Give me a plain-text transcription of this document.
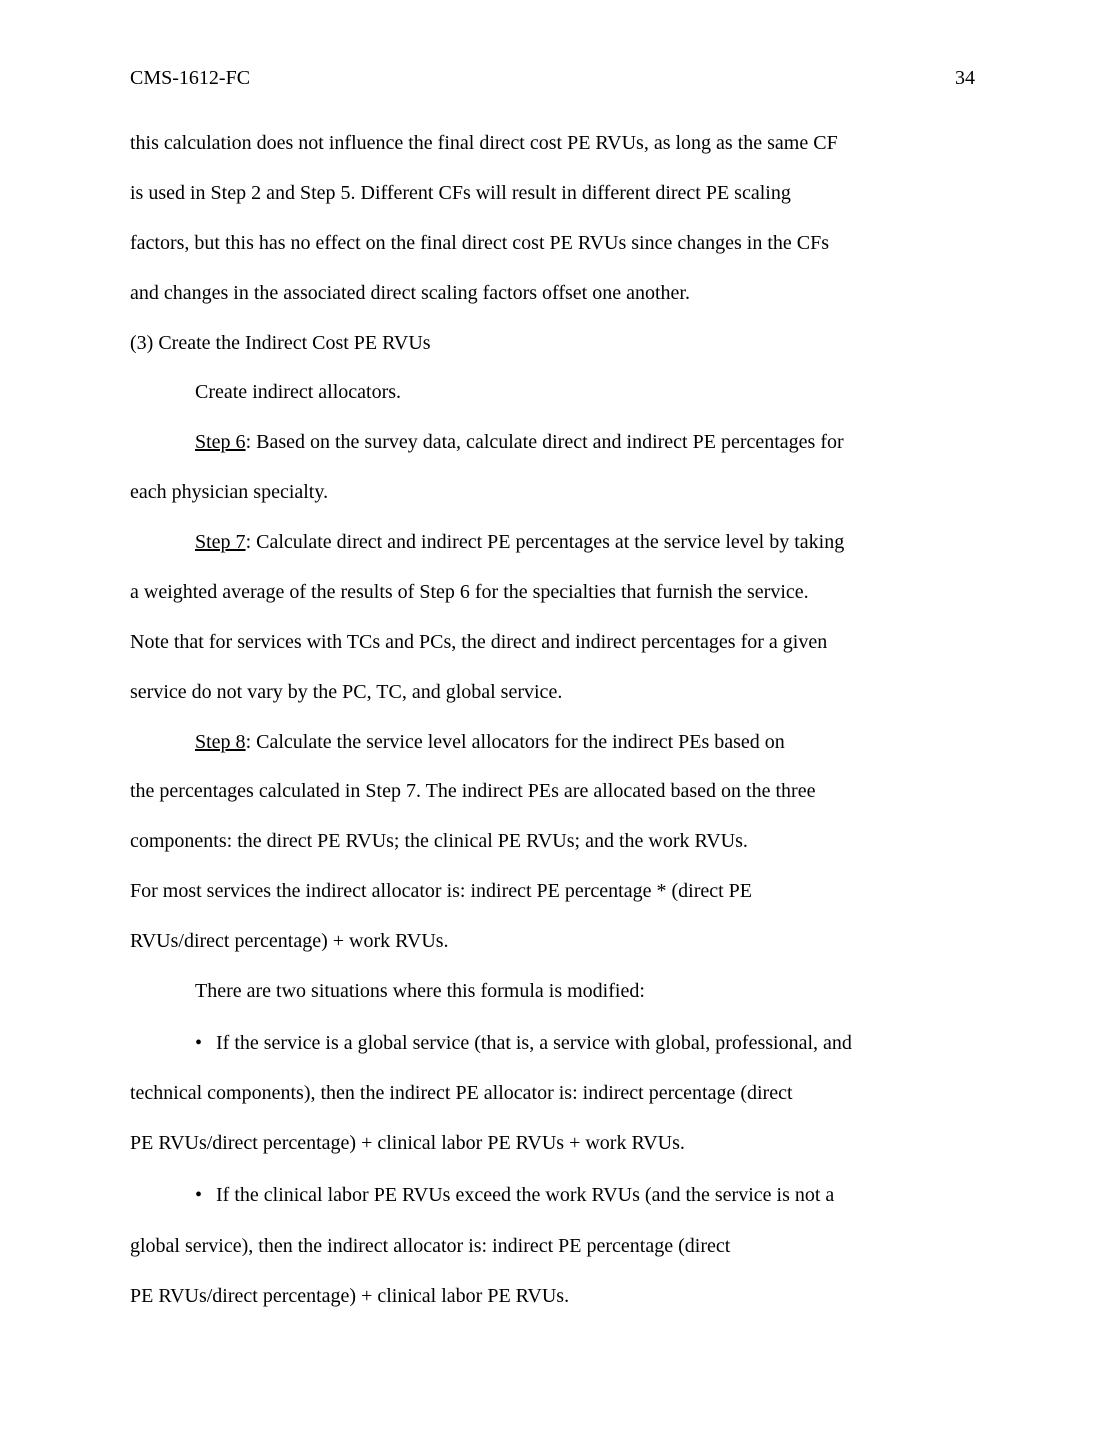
CMS-1612-FC	34
this calculation does not influence the final direct cost PE RVUs, as long as the same CF
is used in Step 2 and Step 5. Different CFs will result in different direct PE scaling
factors, but this has no effect on the final direct cost PE RVUs since changes in the CFs
and changes in the associated direct scaling factors offset one another.
(3) Create the Indirect Cost PE RVUs
Create indirect allocators.
Step 6: Based on the survey data, calculate direct and indirect PE percentages for
each physician specialty.
Step 7: Calculate direct and indirect PE percentages at the service level by taking
a weighted average of the results of Step 6 for the specialties that furnish the service.
Note that for services with TCs and PCs, the direct and indirect percentages for a given
service do not vary by the PC, TC, and global service.
Step 8: Calculate the service level allocators for the indirect PEs based on
the percentages calculated in Step 7. The indirect PEs are allocated based on the three
components: the direct PE RVUs; the clinical PE RVUs; and the work RVUs.
For most services the indirect allocator is: indirect PE percentage * (direct PE
RVUs/direct percentage) + work RVUs.
There are two situations where this formula is modified:
• If the service is a global service (that is, a service with global, professional, and
technical components), then the indirect PE allocator is: indirect percentage (direct
PE RVUs/direct percentage) + clinical labor PE RVUs + work RVUs.
• If the clinical labor PE RVUs exceed the work RVUs (and the service is not a
global service), then the indirect allocator is: indirect PE percentage (direct
PE RVUs/direct percentage) + clinical labor PE RVUs.
